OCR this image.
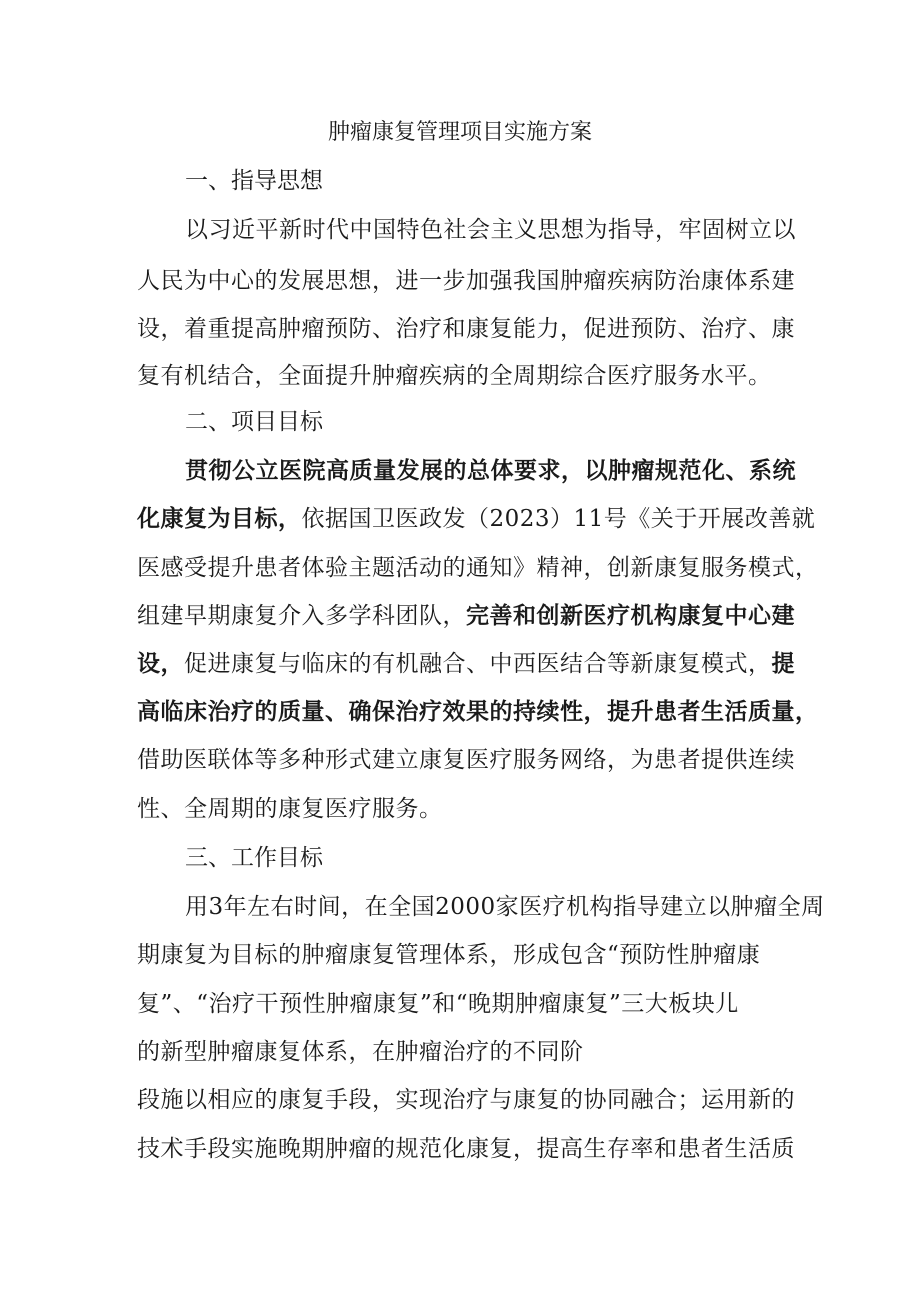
肿瘤康复管理项目实施方案
一、指导思想
以习近平新时代中国特色社会主义思想为指导，牢固树立以
人民为中心的发展思想，进一步加强我国肿瘤疾病防治康体系建
设，着重提高肿瘤预防、治疗和康复能力，促进预防、治疗、康
复有机结合，全面提升肿瘤疾病的全周期综合医疗服务水平。
二、项目目标
贯彻公立医院高质量发展的总体要求，以肿瘤规范化、系统
化康复为目标，依据国卫医政发（2023）11号《关于开展改善就
医感受提升患者体验主题活动的通知》精神，创新康复服务模式，
组建早期康复介入多学科团队，完善和创新医疗机构康复中心建
设，促进康复与临床的有机融合、中西医结合等新康复模式，提
高临床治疗的质量、确保治疗效果的持续性，提升患者生活质量，
借助医联体等多种形式建立康复医疗服务网络，为患者提供连续
性、全周期的康复医疗服务。
三、工作目标
用3年左右时间，在全国2000家医疗机构指导建立以肿瘤全周
期康复为目标的肿瘤康复管理体系，形成包含“预防性肿瘤康
复”、“治疗干预性肿瘤康复”和“晚期肿瘤康复”三大板块儿
的新型肿瘤康复体系，在肿瘤治疗的不同阶
段施以相应的康复手段，实现治疗与康复的协同融合；运用新的
技术手段实施晚期肿瘤的规范化康复，提高生存率和患者生活质
